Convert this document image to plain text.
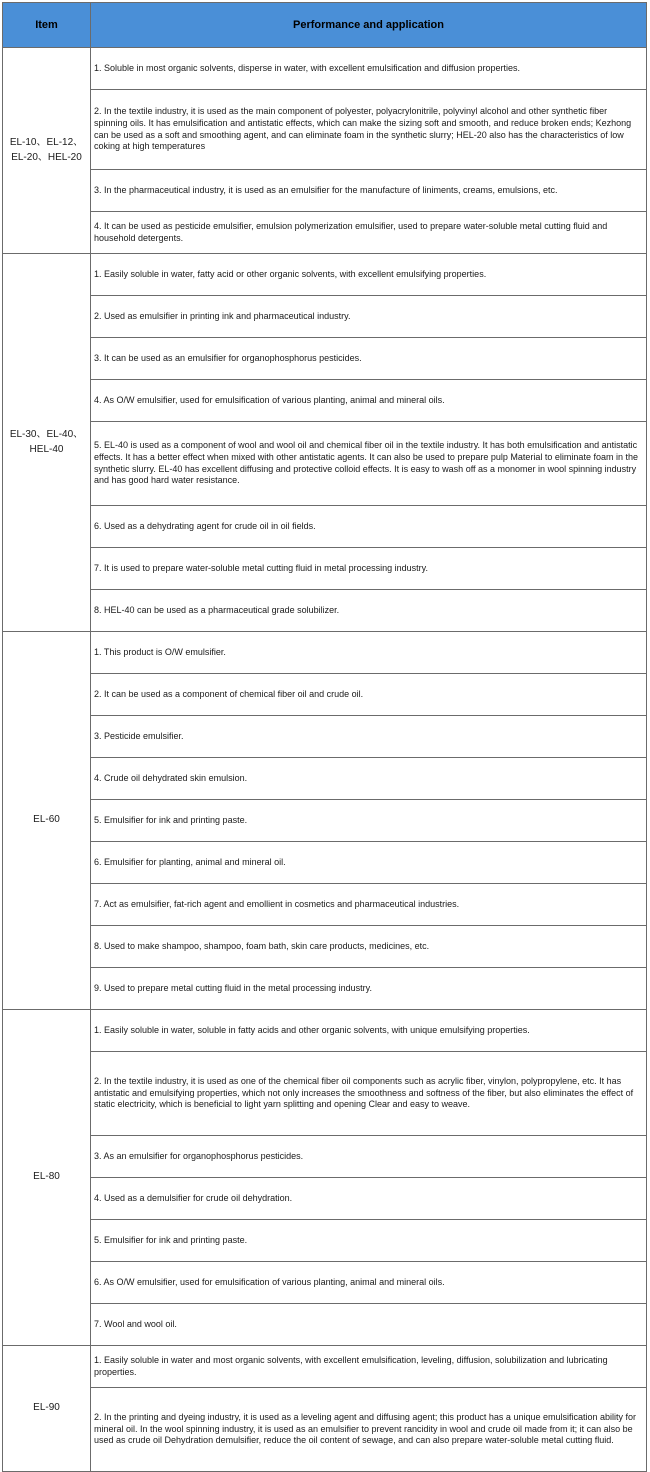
Item	Performance and application
EL-10、EL-12、EL-20、HEL-20	1. Soluble in most organic solvents, disperse in water, with excellent emulsification and diffusion properties.
	2. In the textile industry, it is used as the main component of polyester, polyacrylonitrile, polyvinyl alcohol and other synthetic fiber spinning oils. It has emulsification and antistatic effects, which can make the sizing soft and smooth, and reduce broken ends; Kezhong can be used as a soft and smoothing agent, and can eliminate foam in the synthetic slurry; HEL-20 also has the characteristics of low coking at high temperatures
	3. In the pharmaceutical industry, it is used as an emulsifier for the manufacture of liniments, creams, emulsions, etc.
	4. It can be used as pesticide emulsifier, emulsion polymerization emulsifier, used to prepare water-soluble metal cutting fluid and household detergents.
EL-30、EL-40、HEL-40	1. Easily soluble in water, fatty acid or other organic solvents, with excellent emulsifying properties.
	2. Used as emulsifier in printing ink and pharmaceutical industry.
	3. It can be used as an emulsifier for organophosphorus pesticides.
	4. As O/W emulsifier, used for emulsification of various planting, animal and mineral oils.
	5. EL-40 is used as a component of wool and wool oil and chemical fiber oil in the textile industry. It has both emulsification and antistatic effects. It has a better effect when mixed with other antistatic agents. It can also be used to prepare pulp Material to eliminate foam in the synthetic slurry. EL-40 has excellent diffusing and protective colloid effects. It is easy to wash off as a monomer in wool spinning industry and has good hard water resistance.
	6. Used as a dehydrating agent for crude oil in oil fields.
	7. It is used to prepare water-soluble metal cutting fluid in metal processing industry.
	8. HEL-40 can be used as a pharmaceutical grade solubilizer.
EL-60	1. This product is O/W emulsifier.
	2. It can be used as a component of chemical fiber oil and crude oil.
	3. Pesticide emulsifier.
	4. Crude oil dehydrated skin emulsion.
	5. Emulsifier for ink and printing paste.
	6. Emulsifier for planting, animal and mineral oil.
	7. Act as emulsifier, fat-rich agent and emollient in cosmetics and pharmaceutical industries.
	8. Used to make shampoo, shampoo, foam bath, skin care products, medicines, etc.
	9. Used to prepare metal cutting fluid in the metal processing industry.
EL-80	1. Easily soluble in water, soluble in fatty acids and other organic solvents, with unique emulsifying properties.
	2. In the textile industry, it is used as one of the chemical fiber oil components such as acrylic fiber, vinylon, polypropylene, etc. It has antistatic and emulsifying properties, which not only increases the smoothness and softness of the fiber, but also eliminates the effect of static electricity, which is beneficial to light yarn splitting and opening Clear and easy to weave.
	3. As an emulsifier for organophosphorus pesticides.
	4. Used as a demulsifier for crude oil dehydration.
	5. Emulsifier for ink and printing paste.
	6. As O/W emulsifier, used for emulsification of various planting, animal and mineral oils.
	7. Wool and wool oil.
EL-90	1. Easily soluble in water and most organic solvents, with excellent emulsification, leveling, diffusion, solubilization and lubricating properties.
	2. In the printing and dyeing industry, it is used as a leveling agent and diffusing agent; this product has a unique emulsification ability for mineral oil. In the wool spinning industry, it is used as an emulsifier to prevent rancidity in wool and crude oil made from it; it can also be used as crude oil Dehydration demulsifier, reduce the oil content of sewage, and can also prepare water-soluble metal cutting fluid.
